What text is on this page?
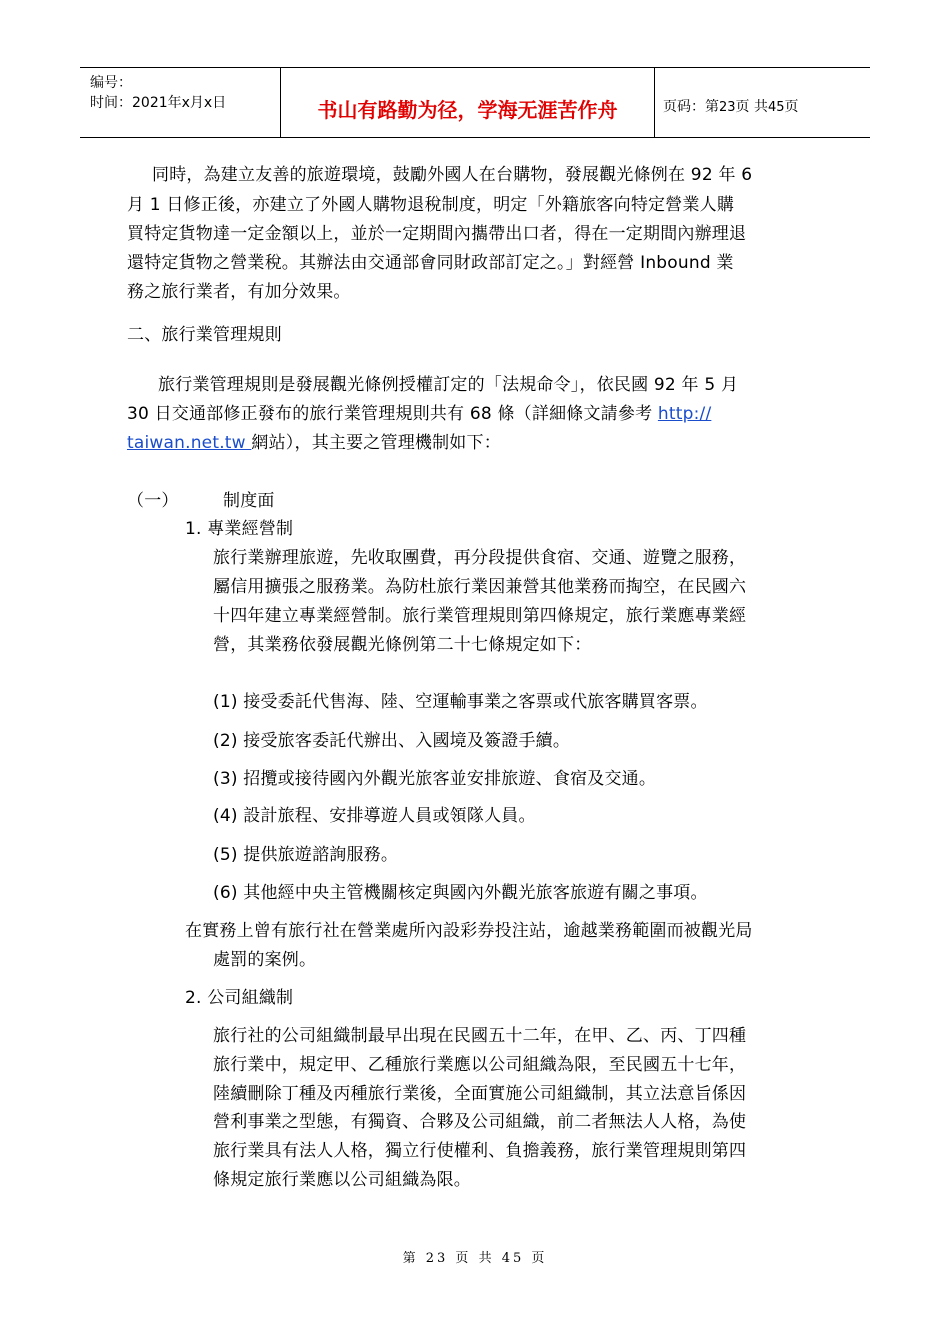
编号：
时间：2021年x月x日	书山有路勤为径，学海无涯苦作舟	页码：第23页 共45页
同時，為建立友善的旅遊環境，鼓勵外國人在台購物，發展觀光條例在 92 年 6
月 1 日修正後，亦建立了外國人購物退稅制度，明定「外籍旅客向特定營業人購
買特定貨物達一定金額以上，並於一定期間內攜帶出口者，得在一定期間內辦理退
還特定貨物之營業稅。其辦法由交通部會同財政部訂定之。」對經營 Inbound 業
務之旅行業者，有加分效果。
二、旅行業管理規則
旅行業管理規則是發展觀光條例授權訂定的「法規命令」，依民國 92 年 5 月
30 日交通部修正發布的旅行業管理規則共有 68 條（詳細條文請參考 http://
taiwan.net.tw 網站），其主要之管理機制如下：
（一）	制度面
1. 專業經營制
旅行業辦理旅遊，先收取團費，再分段提供食宿、交通、遊覽之服務，
屬信用擴張之服務業。為防杜旅行業因兼營其他業務而掏空，在民國六
十四年建立專業經營制。旅行業管理規則第四條規定，旅行業應專業經
營，其業務依發展觀光條例第二十七條規定如下：
(1) 接受委託代售海、陸、空運輸事業之客票或代旅客購買客票。
(2) 接受旅客委託代辦出、入國境及簽證手續。
(3) 招攬或接待國內外觀光旅客並安排旅遊、食宿及交通。
(4) 設計旅程、安排導遊人員或領隊人員。
(5) 提供旅遊諮詢服務。
(6) 其他經中央主管機關核定與國內外觀光旅客旅遊有關之事項。
在實務上曾有旅行社在營業處所內設彩券投注站，逾越業務範圍而被觀光局
處罰的案例。
2. 公司組織制
旅行社的公司組織制最早出現在民國五十二年，在甲、乙、丙、丁四種
旅行業中，規定甲、乙種旅行業應以公司組織為限，至民國五十七年，
陸續刪除丁種及丙種旅行業後，全面實施公司組織制，其立法意旨係因
營利事業之型態，有獨資、合夥及公司組織，前二者無法人人格，為使
旅行業具有法人人格，獨立行使權利、負擔義務，旅行業管理規則第四
條規定旅行業應以公司組織為限。
第 23 页 共 45 页
